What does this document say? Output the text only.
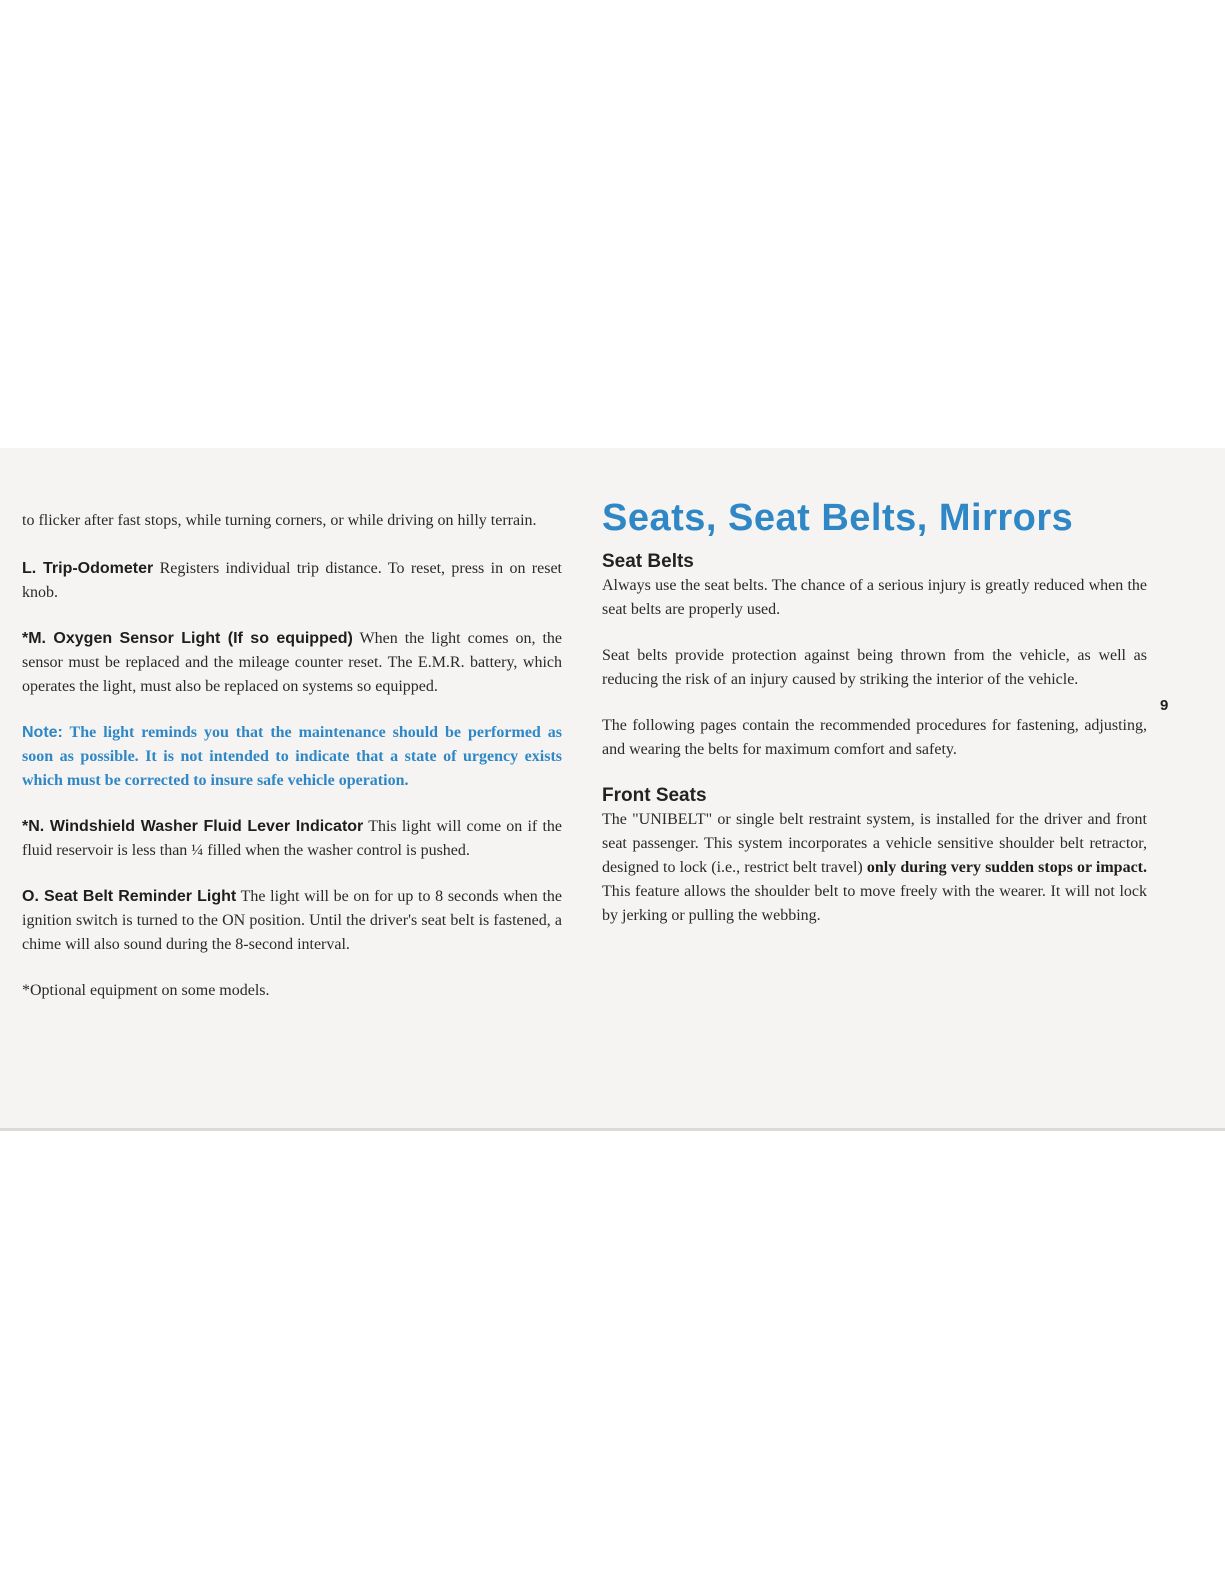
to flicker after fast stops, while turning corners, or while driving on hilly terrain.

L. Trip-Odometer Registers individual trip distance. To reset, press in on reset knob.

*M. Oxygen Sensor Light (If so equipped) When the light comes on, the sensor must be replaced and the mileage counter reset. The E.M.R. battery, which operates the light, must also be replaced on systems so equipped.

Note: The light reminds you that the maintenance should be performed as soon as possible. It is not intended to indicate that a state of urgency exists which must be corrected to insure safe vehicle operation.

*N. Windshield Washer Fluid Lever Indicator This light will come on if the fluid reservoir is less than ¼ filled when the washer control is pushed.

O. Seat Belt Reminder Light The light will be on for up to 8 seconds when the ignition switch is turned to the ON position. Until the driver's seat belt is fastened, a chime will also sound during the 8-second interval.

*Optional equipment on some models.

Seats, Seat Belts, Mirrors
Seat Belts

Always use the seat belts. The chance of a serious injury is greatly reduced when the seat belts are properly used.

Seat belts provide protection against being thrown from the vehicle, as well as reducing the risk of an injury caused by striking the interior of the vehicle.

The following pages contain the recommended procedures for fastening, adjusting, and wearing the belts for maximum comfort and safety.

Front Seats

The "UNIBELT" or single belt restraint system, is installed for the driver and front seat passenger. This system incorporates a vehicle sensitive shoulder belt retractor, designed to lock (i.e., restrict belt travel) only during very sudden stops or impact. This feature allows the shoulder belt to move freely with the wearer. It will not lock by jerking or pulling the webbing.

9
